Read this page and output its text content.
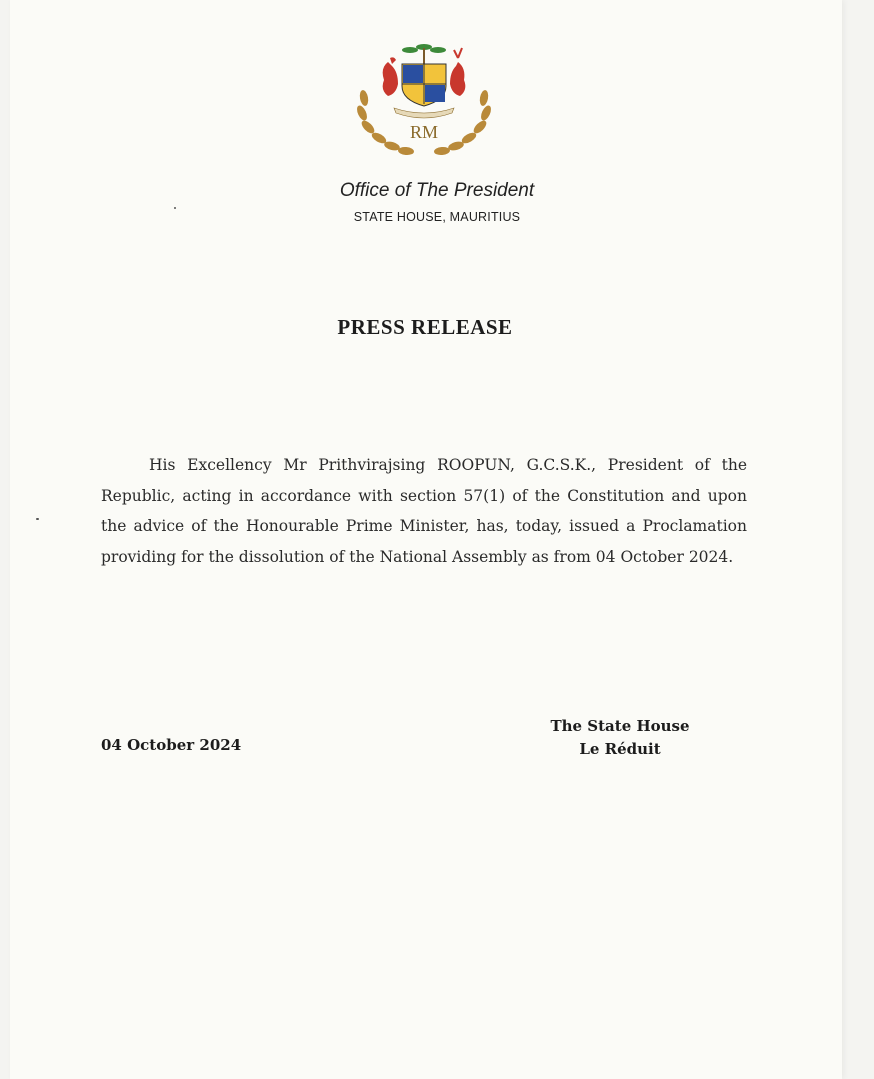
RM
Office of The President
STATE HOUSE, MAURITIUS
PRESS RELEASE
His Excellency Mr Prithvirajsing ROOPUN, G.C.S.K., President of the Republic, acting in accordance with section 57(1) of the Constitution and upon the advice of the Honourable Prime Minister, has, today, issued a Proclamation providing for the dissolution of the National Assembly as from 04 October 2024.
04 October 2024
The State House
Le Réduit
